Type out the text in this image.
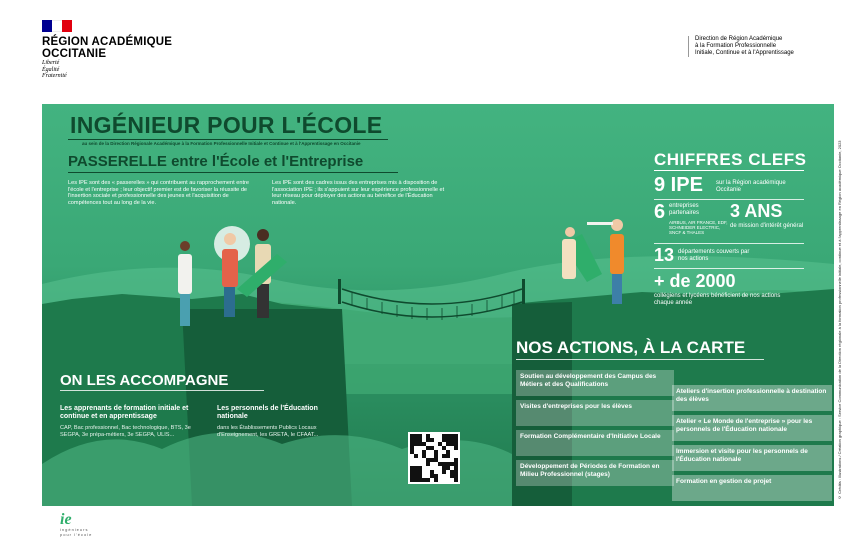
RÉGION ACADÉMIQUE
OCCITANIE
Liberté
Égalité
Fraternité
Direction de Région Académique
à la Formation Professionnelle
Initiale, Continue et à l'Apprentissage
© Crédits : Illustrations / Création graphique : Service Communication de la Direction régionale à la formation professionnelle initiale, continue et à l'apprentissage en Région académique Occitanie, 2023
INGÉNIEUR POUR L'ÉCOLE
au sein de la Direction Régionale Académique à la Formation Professionnelle Initiale et Continue et à l'Apprentissage en Occitanie
PASSERELLE entre l'École et l'Entreprise
Les IPE sont des « passerelles » qui contribuent au rapprochement entre l'école et l'entreprise ; leur objectif premier est de favoriser la réussite de l'insertion sociale et professionnelle des jeunes et l'acquisition de compétences tout au long de la vie.
Les IPE sont des cadres issus des entreprises mis à disposition de l'association IPE ; ils s'appuient sur leur expérience professionnelle et leur réseau pour déployer des actions au bénéfice de l'Éducation nationale.
CHIFFRES CLEFS
9 IPE sur la Région académique Occitanie
6 entreprises partenaires
AIRBUS, AIR FRANCE, EDF, SCHNEIDER ELECTRIC, SNCF & THALES
3 ANS
de mission d'intérêt général
13 départements couverts par nos actions
+ de 2000
collégiens et lycéens bénéficient de nos actions chaque année
NOS ACTIONS, À LA CARTE
Soutien au développement des Campus des Métiers et des Qualifications
Visites d'entreprises pour les élèves
Formation Complémentaire d'Initiative Locale
Développement de Périodes de Formation en Milieu Professionnel (stages)
Ateliers d'insertion professionnelle à destination des élèves
Atelier « Le Monde de l'entreprise » pour les personnels de l'Éducation nationale
Immersion et visite pour les personnels de l'Éducation nationale
Formation en gestion de projet
ON LES ACCOMPAGNE
Les apprenants de formation initiale et continue et en apprentissage
CAP, Bac professionnel, Bac technologique, BTS, 3e SEGPA, 3e prépa-métiers, 3e SEGPA, ULIS...
Les personnels de l'Éducation nationale
dans les Établissements Publics Locaux d'Enseignement, les GRETA, le CFAAT...
ie
ingénieurs
pour l'école
